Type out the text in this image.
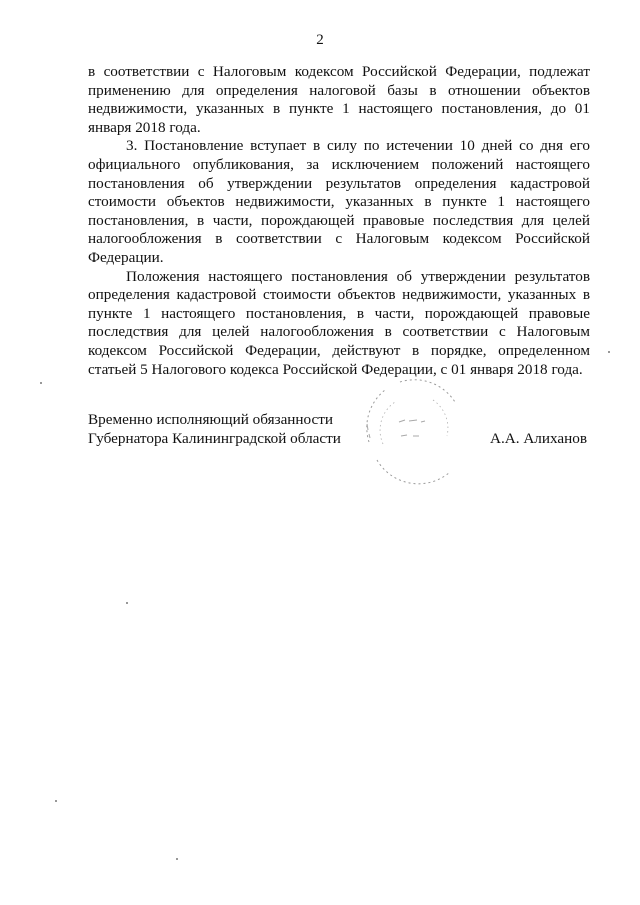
2

в соответствии с Налоговым кодексом Российской Федерации, подлежат применению для определения налоговой базы в отношении объектов недвижимости, указанных в пункте 1 настоящего постановления, до 01 января 2018 года.

3. Постановление вступает в силу по истечении 10 дней со дня его официального опубликования, за исключением положений настоящего постановления об утверждении результатов определения кадастровой стоимости объектов недвижимости, указанных в пункте 1 настоящего постановления, в части, порождающей правовые последствия для целей налогообложения в соответствии с Налоговым кодексом Российской Федерации.

Положения настоящего постановления об утверждении результатов определения кадастровой стоимости объектов недвижимости, указанных в пункте 1 настоящего постановления, в части, порождающей правовые последствия для целей налогообложения в соответствии с Налоговым кодексом Российской Федерации, действуют в порядке, определенном статьей 5 Налогового кодекса Российской Федерации, с 01 января 2018 года.

Временно исполняющий обязанности
Губернатора Калининградской области	А.А. Алиханов
